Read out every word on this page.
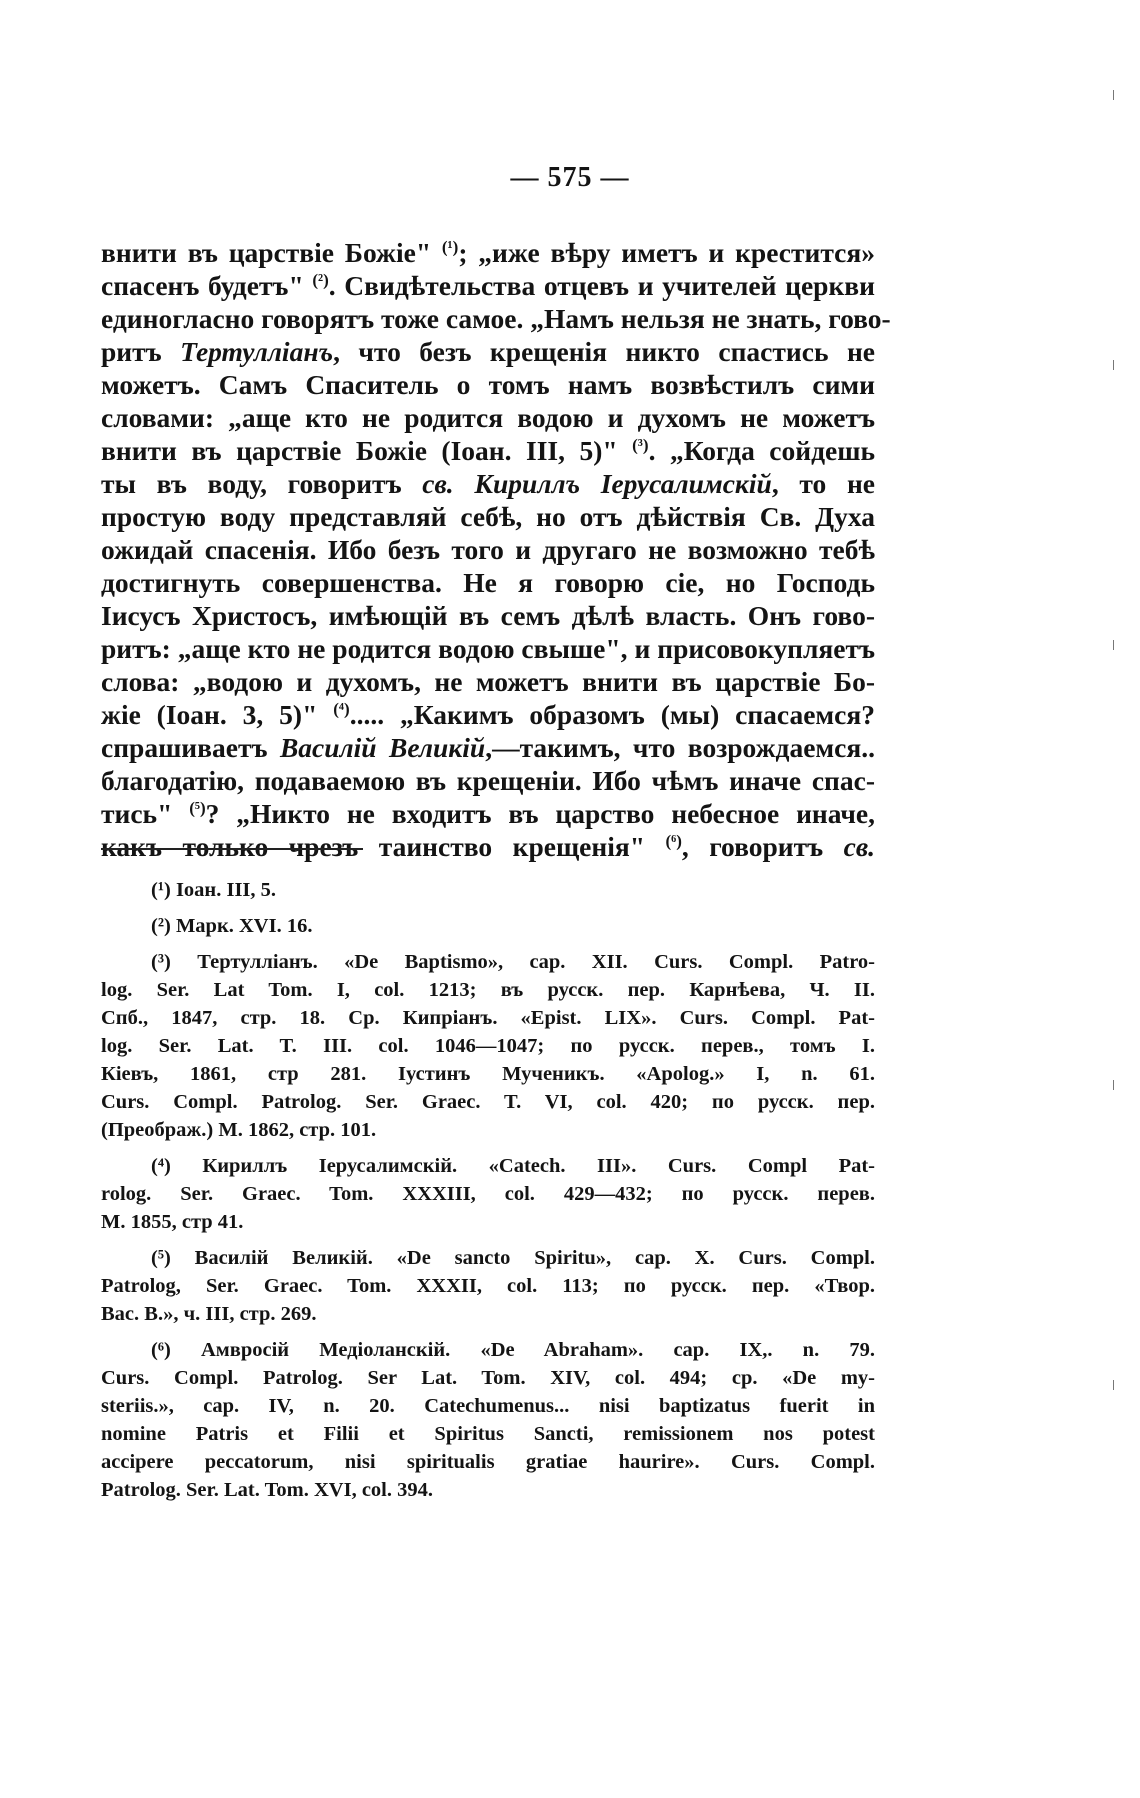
— 575 —
внити въ царствіе Божіе" $^{(^1)}$; „иже вѣру иметъ и крестится»
спасенъ будетъ" $^{(^2)}$. Свидѣтельства отцевъ и учителей церкви
единогласно говорятъ тоже самое. „Намъ нельзя не знать, гово-
ритъ Тертулліанъ, что безъ крещенія никто спастись не
можетъ. Самъ Спаситель о томъ намъ возвѣстилъ сими
словами: „аще кто не родится водою и духомъ не можетъ
внити въ царствіе Божіе (Іоан. III, 5)" $^{(^3)}$. „Когда сойдешь
ты въ воду, говоритъ св. Кириллъ Іерусалимскій, то не
простую воду представляй себѣ, но отъ дѣйствія Св. Духа
ожидай спасенія. Ибо безъ того и другаго не возможно тебѣ
достигнуть совершенства. Не я говорю сіе, но Господь
Іисусъ Христосъ, имѣющій въ семъ дѣлѣ власть. Онъ гово-
ритъ: „аще кто не родится водою свыше", и присовокупляетъ
слова: „водою и духомъ, не можетъ внити въ царствіе Бо-
жіе (Іоан. 3, 5)" $^{(^4)}$..... „Какимъ образомъ (мы) спасаемся?
спрашиваетъ Василій Великій,—такимъ, что возрождаемся..
благодатію, подаваемою въ крещеніи. Ибо чѣмъ иначе спас-
тись" $^{(^5)}$? „Никто не входитъ въ царство небесное иначе,
какъ только чрезъ таинство крещенія" $^{(^6)}$, говоритъ св.
(¹) Іоан. III, 5.
(²) Марк. XVI. 16.
(³) Тертулліанъ. «De Baptismo», cap. XII. Curs. Compl. Patro-
log. Ser. Lat Tom. I, col. 1213; въ русск. пер. Карнѣева, Ч. II.
Спб., 1847, стр. 18. Ср. Кипріанъ. «Epist. LIX». Curs. Compl. Pat-
log. Ser. Lat. T. III. col. 1046—1047; по русск. перев., томъ I.
Кіевъ, 1861, стр 281. Іустинъ Мученикъ. «Apolog.» I, n. 61.
Curs. Compl. Patrolog. Ser. Graec. T. VI, col. 420; по русск. пер.
(Преображ.) М. 1862, стр. 101.
(⁴) Кириллъ Іерусалимскій. «Catech. III». Curs. Compl Pat-
rolog. Ser. Graec. Tom. XXXIII, col. 429—432; по русск. перев.
М. 1855, стр 41.
(⁵) Василій Великій. «De sancto Spiritu», cap. X. Curs. Compl.
Patrolog, Ser. Graec. Tom. XXXII, col. 113; по русск. пер. «Твор.
Вас. В.», ч. III, стр. 269.
(⁶) Амвросій Медіоланскій. «De Abraham». cap. IX,. n. 79.
Curs. Compl. Patrolog. Ser Lat. Tom. XIV, col. 494; cp. «De my-
steriis.», cap. IV, n. 20. Catechumenus... nisi baptizatus fuerit in
nomine Patris et Filii et Spiritus Sancti, remissionem nos potest
accipere peccatorum, nisi spiritualis gratiae haurire». Curs. Compl.
Patrolog. Ser. Lat. Tom. XVI, col. 394.
